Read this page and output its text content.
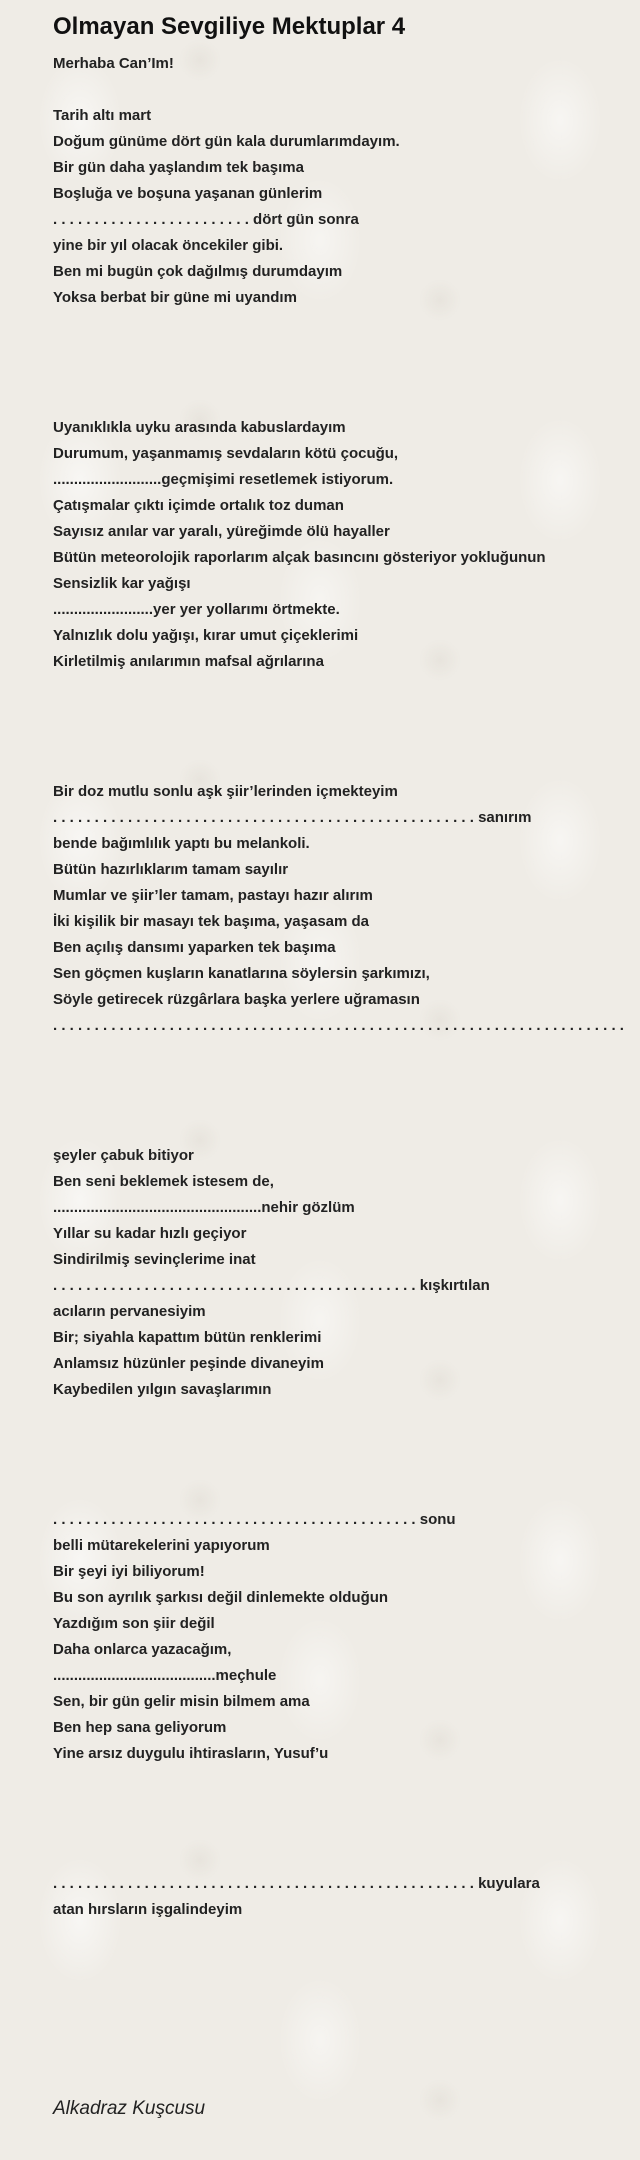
Olmayan Sevgiliye Mektuplar 4
Merhaba Can’Im!
Tarih altı mart
Doğum günüme dört gün kala durumlarımdayım.
Bir gün daha yaşlandım tek başıma
Boşluğa ve boşuna yaşanan günlerim
. . . . . . . . . . . . . . . . . . . . . . . . dört gün sonra
yine bir yıl olacak öncekiler gibi.
Ben mi bugün çok dağılmış durumdayım
Yoksa berbat bir güne mi uyandım
Uyanıklıkla uyku arasında kabuslardayım
Durumum, yaşanmamış sevdaların kötü çocuğu,
..........................geçmişimi resetlemek istiyorum.
Çatışmalar çıktı içimde ortalık toz duman
Sayısız anılar var yaralı, yüreğimde ölü hayaller
Bütün meteorolojik raporlarım alçak basıncını gösteriyor yokluğunun
Sensizlik kar yağışı
........................yer yer yollarımı örtmekte.
Yalnızlık dolu yağışı, kırar umut çiçeklerimi
Kirletilmiş anılarımın mafsal ağrılarına
Bir doz mutlu sonlu aşk şiir’lerinden içmekteyim
. . . . . . . . . . . . . . . . . . . . . . . . . . . . . . . . . . . . . . . . . . . . . . . . . . . sanırım
bende bağımlılık yaptı bu melankoli.
Bütün hazırlıklarım tamam sayılır
Mumlar ve şiir’ler tamam, pastayı hazır alırım
İki kişilik bir masayı tek başıma, yaşasam da
Ben açılış dansımı yaparken tek başıma
Sen göçmen kuşların kanatlarına söylersin şarkımızı,
Söyle getirecek rüzgârlara başka yerlere uğramasın
. . . . . . . . . . . . . . . . . . . . . . . . . . . . . . . . . . . . . . . . . . . . . . . . . . . . . . . . . . . . . . . . . . . . .
şeyler çabuk bitiyor
Ben seni beklemek istesem de,
..................................................nehir gözlüm
Yıllar su kadar hızlı geçiyor
Sindirilmiş sevinçlerime inat
. . . . . . . . . . . . . . . . . . . . . . . . . . . . . . . . . . . . . . . . . . . . kışkırtılan
acıların pervanesiyim
Bir; siyahla kapattım bütün renklerimi
Anlamsız hüzünler peşinde divaneyim
Kaybedilen yılgın savaşlarımın
. . . . . . . . . . . . . . . . . . . . . . . . . . . . . . . . . . . . . . . . . . . . sonu
belli mütarekelerini yapıyorum
Bir şeyi iyi biliyorum!
Bu son ayrılık şarkısı değil dinlemekte olduğun
Yazdığım son şiir değil
Daha onlarca yazacağım,
.......................................meçhule
Sen, bir gün gelir misin bilmem ama
Ben hep sana geliyorum
Yine arsız duygulu ihtirasların, Yusuf’u
. . . . . . . . . . . . . . . . . . . . . . . . . . . . . . . . . . . . . . . . . . . . . . . . . . . kuyulara
atan hırsların işgalindeyim
Alkadraz Kuşcusu
